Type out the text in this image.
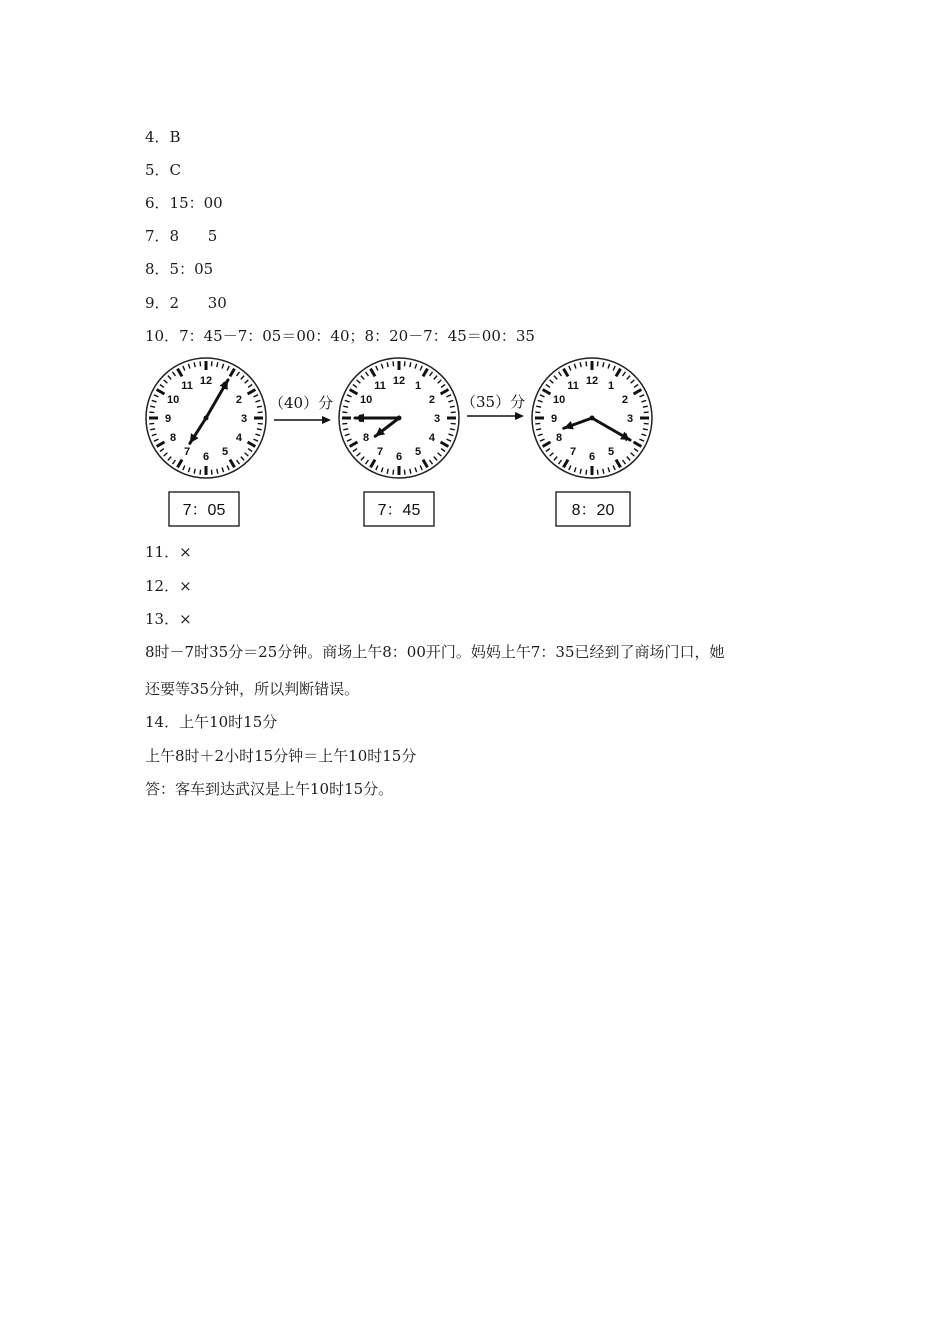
4．B
5．C
6．15：00
7．8      5
8．5：05
9．2      30
10．7：45－7：05＝00：40；8：20－7：45＝00：35
12
2
3
4
5
6
7
8
9
10
11	12 1
2
3
4
5
6
7
8
10
11	12 1
2
3
5
6
7
8
9
10
11
（40）分	（35）分
7：05	7：45	8：20
11．×
12．×
13．×
8时－7时35分＝25分钟。商场上午8：00开门。妈妈上午7：35已经到了商场门口，她
还要等35分钟，所以判断错误。
14．上午10时15分
上午8时＋2小时15分钟＝上午10时15分
答：客车到达武汉是上午10时15分。
